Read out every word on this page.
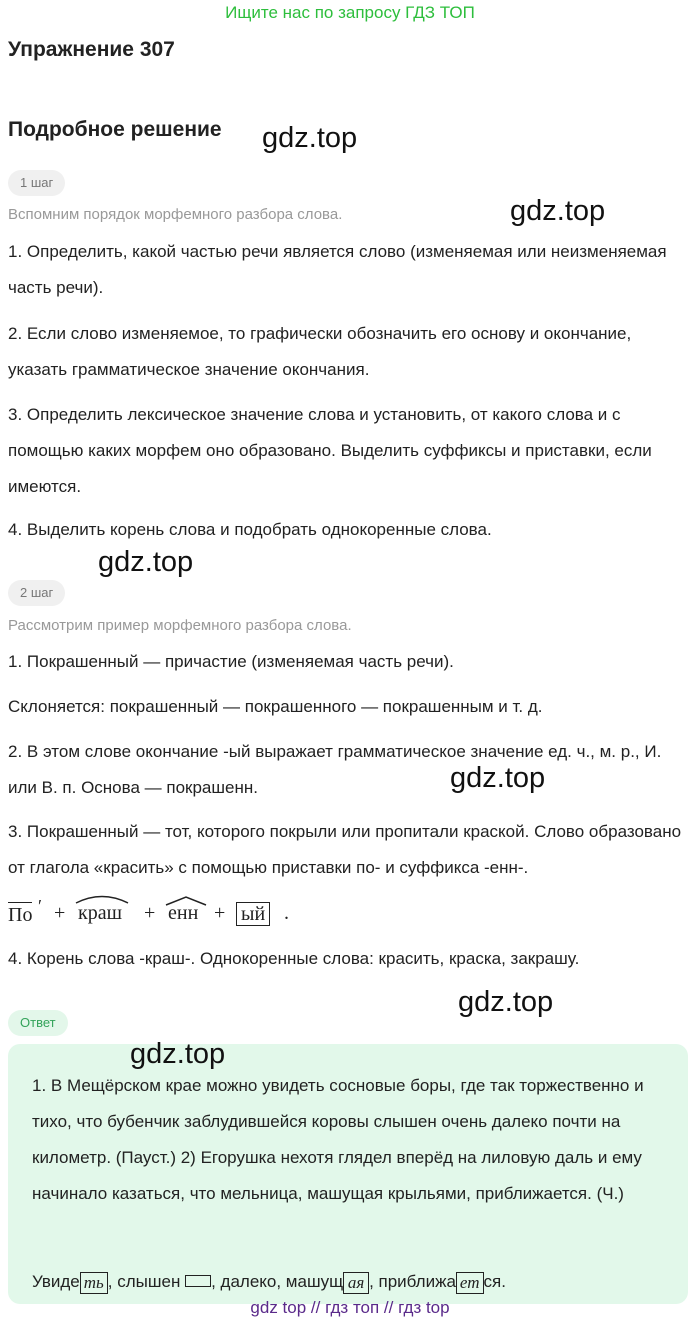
Ищите нас по запросу ГДЗ ТОП
Упражнение 307
Подробное решение gdz.top
gdz.top
1 шаг
Вспомним порядок морфемного разбора слова.
1. Определить, какой частью речи является слово (изменяемая или неизменяемая часть речи).
2. Если слово изменяемое, то графически обозначить его основу и окончание, указать грамматическое значение окончания.
3. Определить лексическое значение слова и установить, от какого слова и с помощью каких морфем оно образовано. Выделить суффиксы и приставки, если имеются.
4. Выделить корень слова и подобрать однокоренные слова.
gdz.top
2 шаг
Рассмотрим пример морфемного разбора слова.
1. Покрашенный — причастие (изменяемая часть речи).
Склоняется: покрашенный — покрашенного — покрашенным и т. д.
2. В этом слове окончание -ый выражает грамматическое значение ед. ч., м. р., И. или В. п. Основа — покрашенн.	gdz.top
3. Покрашенный — тот, которого покрыли или пропитали краской. Слово образовано от глагола «красить» с помощью приставки по- и суффикса -енн-.
По ′ + краш + енн + ый .
4. Корень слова -краш-. Однокоренные слова: красить, краска, закрашу.
gdz.top
Ответ
1. В Мещёрском крае можно увидеть сосновые боры, где так торжественно и тихо, что бубенчик заблудившейся коровы слышен очень далеко почти на километр. (Пауст.) 2) Егорушка нехотя глядел вперёд на лиловую даль и ему начинало казаться, что мельница, машущая крыльями, приближается. (Ч.)
Увиде ть , слышен , далеко, машущ ая , приближа ет ся.
gdz.top
gdz top // гдз топ // гдз top
